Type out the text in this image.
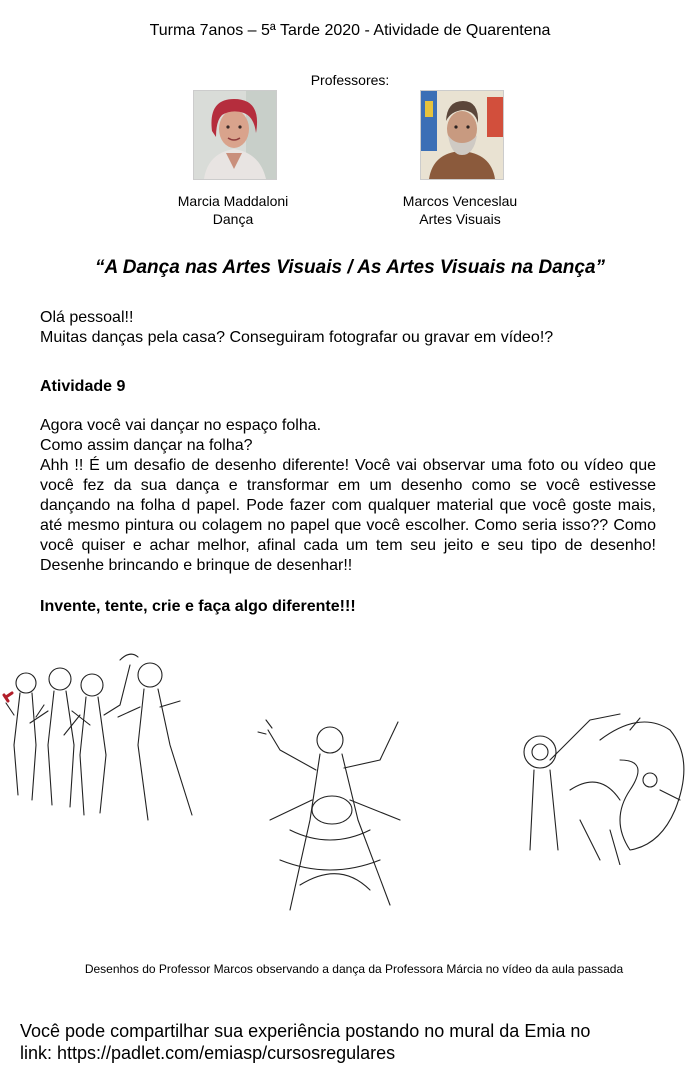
Turma 7anos – 5ª Tarde 2020 - Atividade de Quarentena
Professores:
Marcia Maddaloni
Dança
Marcos Venceslau
Artes Visuais
“A Dança nas Artes Visuais / As Artes Visuais na Dança”
Olá pessoal!!
Muitas danças pela casa? Conseguiram fotografar ou gravar em vídeo!?
Atividade 9

Agora você vai dançar no espaço folha.

Como assim dançar na folha?

Ahh !! É um desafio de desenho diferente! Você vai observar uma foto ou vídeo que você fez da sua dança e transformar em um desenho como se você estivesse dançando na folha d papel. Pode fazer com qualquer material que você goste mais, até mesmo pintura ou colagem no papel que você escolher. Como seria isso?? Como você quiser e achar melhor, afinal cada um tem seu jeito e seu tipo de desenho! Desenhe brincando e brinque de desenhar!!

Invente, tente, crie e faça algo diferente!!!
Desenhos do Professor Marcos observando a dança da Professora Márcia no vídeo da aula passada
Você pode compartilhar sua experiência postando no mural da Emia no
link: https://padlet.com/emiasp/cursosregulares
